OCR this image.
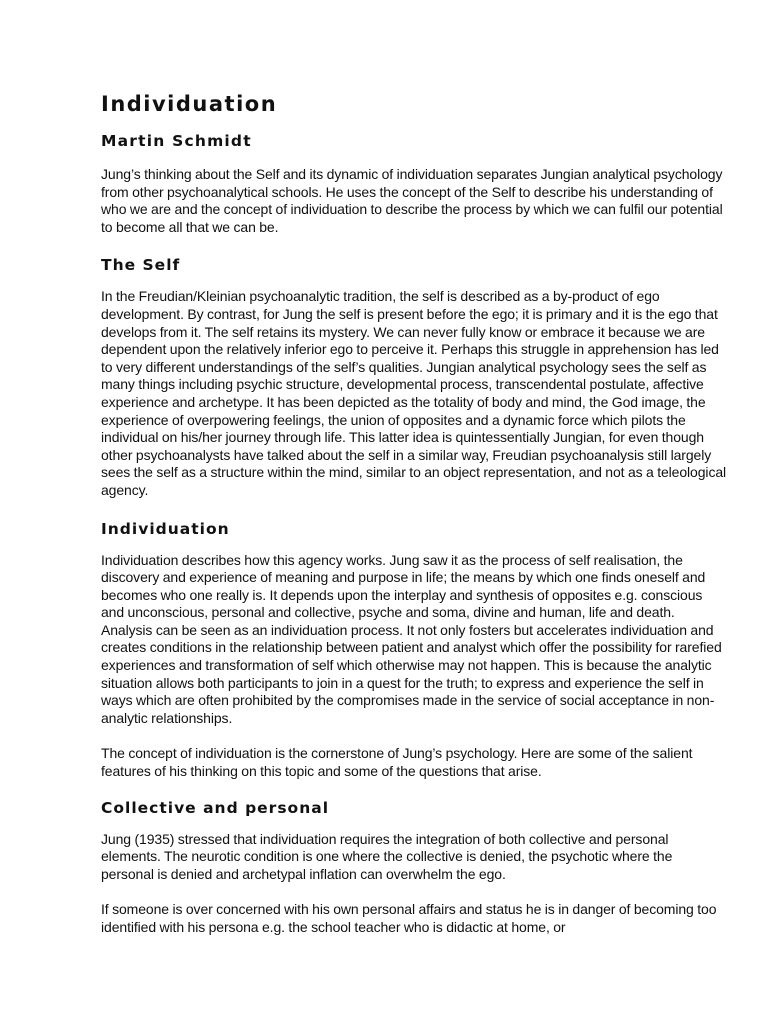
Individuation
Martin Schmidt

Jung’s thinking about the Self and its dynamic of individuation separates Jungian analytical psychology from other psychoanalytical schools. He uses the concept of the Self to describe his understanding of who we are and the concept of individuation to describe the process by which we can fulfil our potential to become all that we can be.

The Self

In the Freudian/Kleinian psychoanalytic tradition, the self is described as a by-product of ego development. By contrast, for Jung the self is present before the ego; it is primary and it is the ego that develops from it. The self retains its mystery. We can never fully know or embrace it because we are dependent upon the relatively inferior ego to perceive it. Perhaps this struggle in apprehension has led to very different understandings of the self’s qualities. Jungian analytical psychology sees the self as many things including psychic structure, developmental process, transcendental postulate, affective experience and archetype. It has been depicted as the totality of body and mind, the God image, the experience of overpowering feelings, the union of opposites and a dynamic force which pilots the individual on his/her journey through life. This latter idea is quintessentially Jungian, for even though other psychoanalysts have talked about the self in a similar way, Freudian psychoanalysis still largely sees the self as a structure within the mind, similar to an object representation, and not as a teleological agency.

Individuation

Individuation describes how this agency works. Jung saw it as the process of self realisation, the discovery and experience of meaning and purpose in life; the means by which one finds oneself and becomes who one really is. It depends upon the interplay and synthesis of opposites e.g. conscious and unconscious, personal and collective, psyche and soma, divine and human, life and death. Analysis can be seen as an individuation process. It not only fosters but accelerates individuation and creates conditions in the relationship between patient and analyst which offer the possibility for rarefied experiences and transformation of self which otherwise may not happen. This is because the analytic situation allows both participants to join in a quest for the truth; to express and experience the self in ways which are often prohibited by the compromises made in the service of social acceptance in non-analytic relationships.

The concept of individuation is the cornerstone of Jung’s psychology. Here are some of the salient features of his thinking on this topic and some of the questions that arise.

Collective and personal

Jung (1935) stressed that individuation requires the integration of both collective and personal elements. The neurotic condition is one where the collective is denied, the psychotic where the personal is denied and archetypal inflation can overwhelm the ego.

If someone is over concerned with his own personal affairs and status he is in danger of becoming too identified with his persona e.g. the school teacher who is didactic at home, or
